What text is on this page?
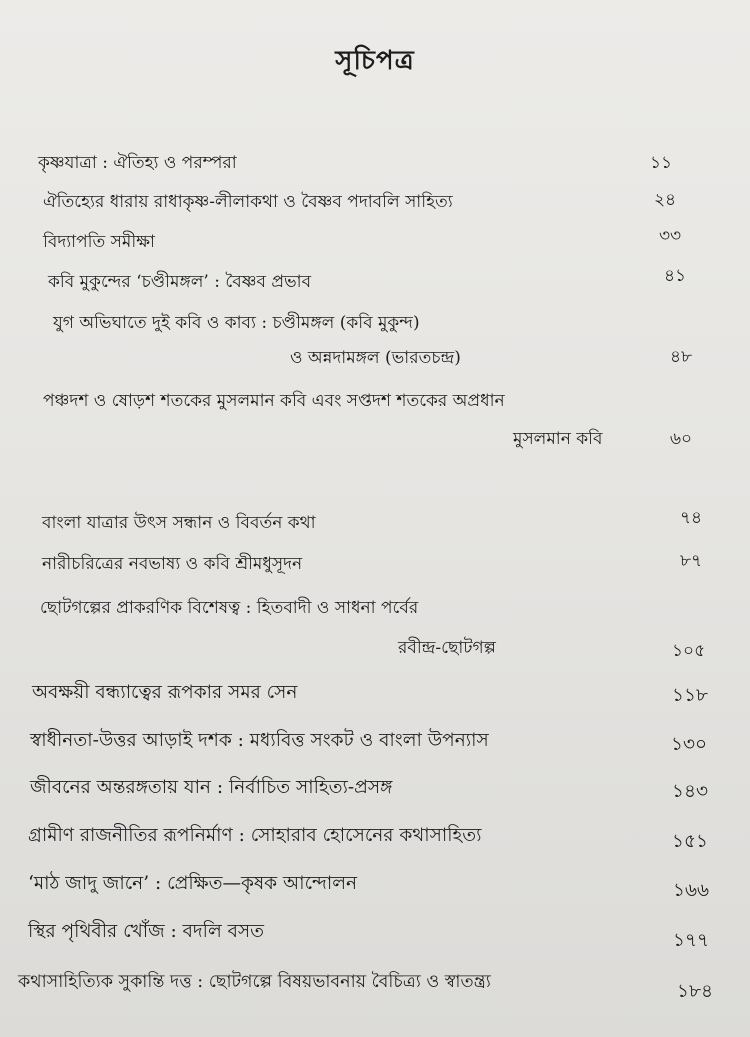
সূচিপত্র
কৃষ্ণযাত্রা : ঐতিহ্য ও পরম্পরা	১১
ঐতিহ্যের ধারায় রাধাকৃষ্ণ-লীলাকথা ও বৈষ্ণব পদাবলি সাহিত্য	২৪
বিদ্যাপতি সমীক্ষা	৩৩
কবি মুকুন্দের ‘চণ্ডীমঙ্গল’ : বৈষ্ণব প্রভাব	৪১
যুগ অভিঘাতে দুই কবি ও কাব্য : চণ্ডীমঙ্গল (কবি মুকুন্দ)
ও অন্নদামঙ্গল (ভারতচন্দ্র)	৪৮
পঞ্চদশ ও ষোড়শ শতকের মুসলমান কবি এবং সপ্তদশ শতকের অপ্রধান
মুসলমান কবি	৬০
বাংলা যাত্রার উৎস সন্ধান ও বিবর্তন কথা	৭৪
নারীচরিত্রের নবভাষ্য ও কবি শ্রীমধুসূদন	৮৭
ছোটগল্পের প্রাকরণিক বিশেষত্ব : হিতবাদী ও সাধনা পর্বের
রবীন্দ্র-ছোটগল্প	১০৫
অবক্ষয়ী বন্ধ্যাত্বের রূপকার সমর সেন	১১৮
স্বাধীনতা-উত্তর আড়াই দশক : মধ্যবিত্ত সংকট ও বাংলা উপন্যাস	১৩০
জীবনের অন্তরঙ্গতায় যান : নির্বাচিত সাহিত্য-প্রসঙ্গ	১৪৩
গ্রামীণ রাজনীতির রূপনির্মাণ : সোহারাব হোসেনের কথাসাহিত্য	১৫১
‘মাঠ জাদু জানে’ : প্রেক্ষিত—কৃষক আন্দোলন	১৬৬
স্থির পৃথিবীর খোঁজ : বদলি বসত	১৭৭
কথাসাহিত্যিক সুকান্তি দত্ত : ছোটগল্পে বিষয়ভাবনায় বৈচিত্র্য ও স্বাতন্ত্র্য	১৮৪
